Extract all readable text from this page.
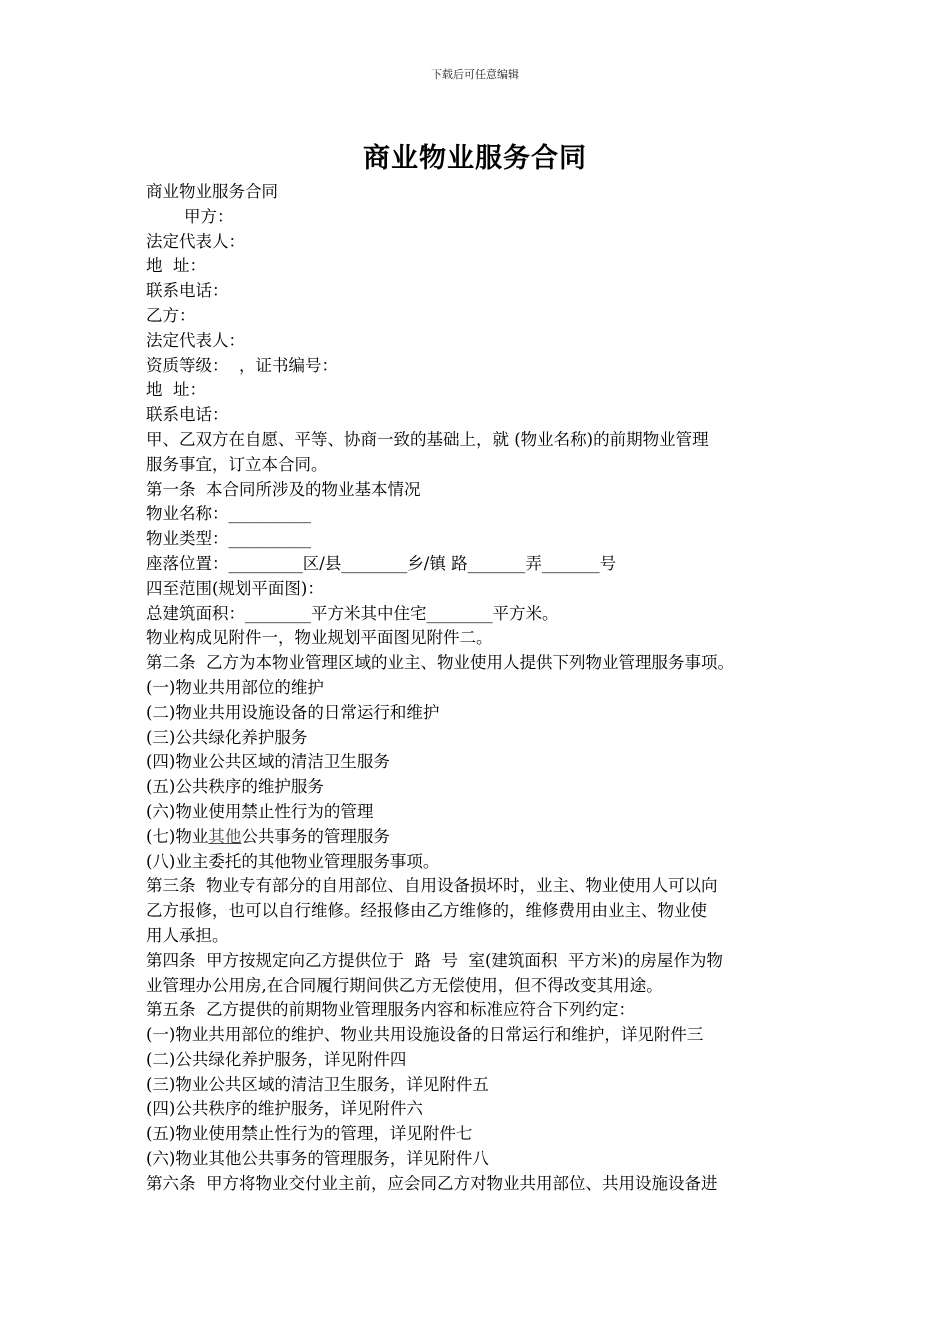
下载后可任意编辑
商业物业服务合同
商业物业服务合同
甲方：
法定代表人：
地  址：
联系电话：
乙方：
法定代表人：
资质等级：  ，证书编号：
地  址：
联系电话：
甲、乙双方在自愿、平等、协商一致的基础上，就 (物业名称)的前期物业管理
服务事宜，订立本合同。
第一条  本合同所涉及的物业基本情况
物业名称：__________
物业类型：__________
座落位置：_________区/县________乡/镇 路_______弄_______号
四至范围(规划平面图)：
总建筑面积：________平方米其中住宅________平方米。
物业构成见附件一，物业规划平面图见附件二。
第二条  乙方为本物业管理区域的业主、物业使用人提供下列物业管理服务事项。
(一)物业共用部位的维护
(二)物业共用设施设备的日常运行和维护
(三)公共绿化养护服务
(四)物业公共区域的清洁卫生服务
(五)公共秩序的维护服务
(六)物业使用禁止性行为的管理
(七)物业其他公共事务的管理服务
(八)业主委托的其他物业管理服务事项。
第三条  物业专有部分的自用部位、自用设备损坏时，业主、物业使用人可以向
乙方报修，也可以自行维修。经报修由乙方维修的，维修费用由业主、物业使
用人承担。
第四条  甲方按规定向乙方提供位于  路  号  室(建筑面积  平方米)的房屋作为物
业管理办公用房,在合同履行期间供乙方无偿使用，但不得改变其用途。
第五条  乙方提供的前期物业管理服务内容和标准应符合下列约定：
(一)物业共用部位的维护、物业共用设施设备的日常运行和维护，详见附件三
(二)公共绿化养护服务，详见附件四
(三)物业公共区域的清洁卫生服务，详见附件五
(四)公共秩序的维护服务，详见附件六
(五)物业使用禁止性行为的管理，详见附件七
(六)物业其他公共事务的管理服务，详见附件八
第六条  甲方将物业交付业主前，应会同乙方对物业共用部位、共用设施设备进
